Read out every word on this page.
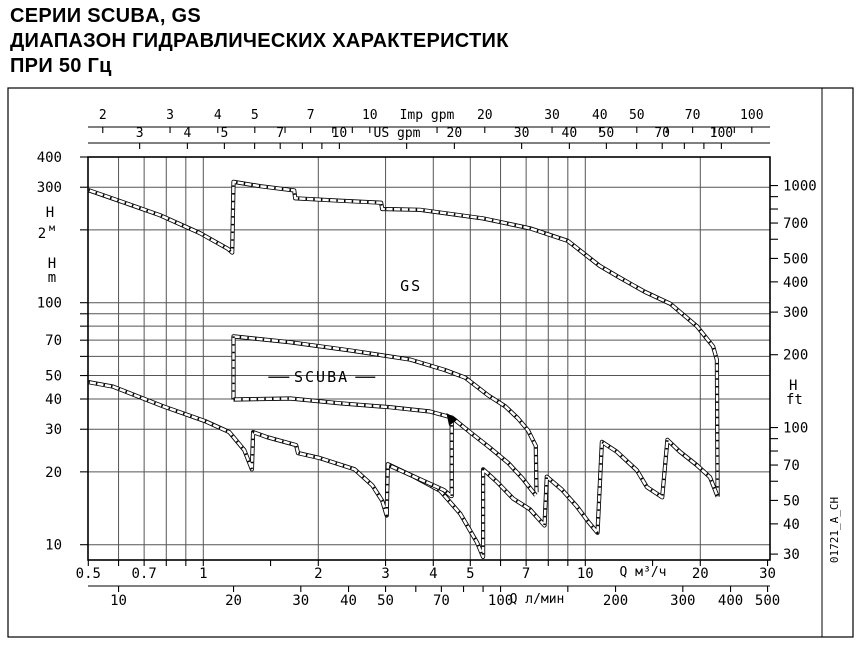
СЕРИИ SCUBA, GS
ДИАПАЗОН ГИДРАВЛИЧЕСКИХ ХАРАКТЕРИСТИК
ПРИ 50 Гц
2	3	4 5	7	10	20	30 40 50	70	100
Imp gpm
3	4 5	7	10	20	30 40 50	70	100
US gpm
400
300
100
70
50
40
30
20
10
H
2 м
H
m
1000
700
500
400
300
200
100
70
50
40
30
H
ft
0.5 0.7	1	2	3	4 5	7	10	20	30
Q м³/ч
10	20	30 40 50	70	100	200	300 400 500
Q л/мин
GS
SCUBA
01721_A_CH
